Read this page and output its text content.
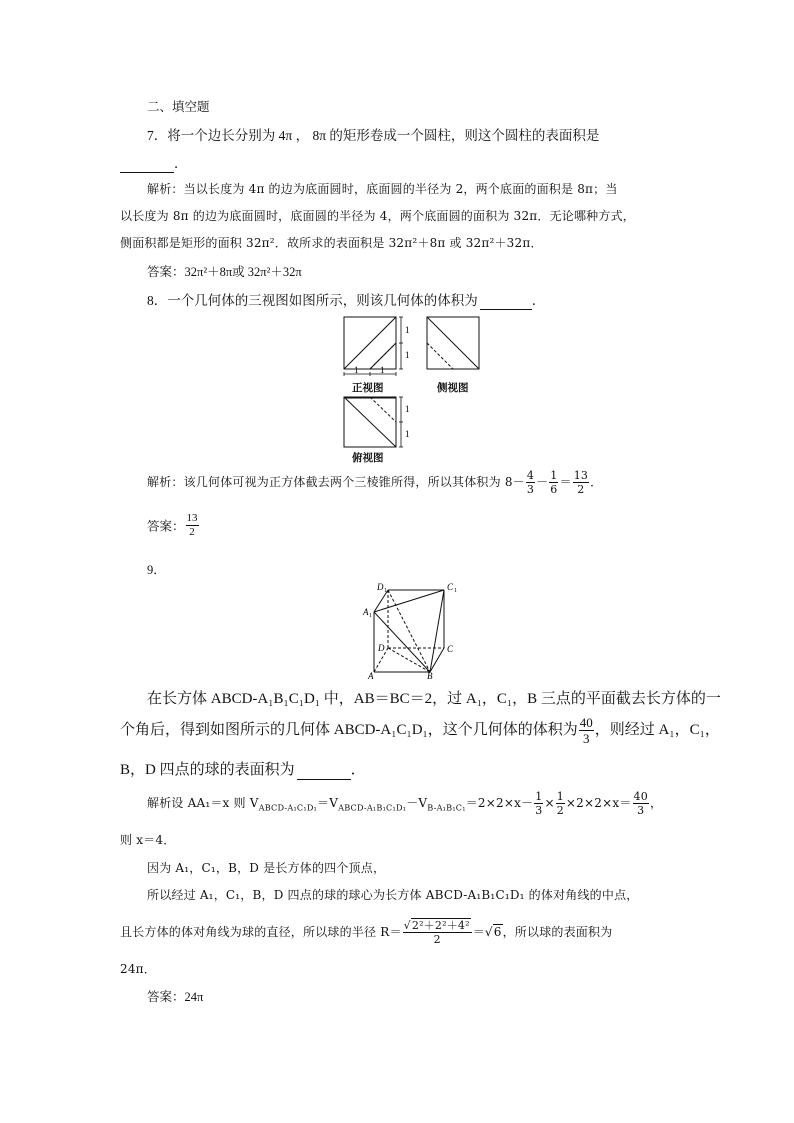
二、填空题
7．将一个边长分别为 4π ， 8π 的矩形卷成一个圆柱，则这个圆柱的表面积是
．
解析：当以长度为 4π 的边为底面圆时，底面圆的半径为 2，两个底面的面积是 8π；当
以长度为 8π 的边为底面圆时，底面圆的半径为 4，两个底面圆的面积为 32π．无论哪种方式，
侧面积都是矩形的面积 32π²．故所求的表面积是 32π²＋8π 或 32π²＋32π．
答案：32π²＋8π或 32π²＋32π
8．一个几何体的三视图如图所示，则该几何体的体积为	．
1
1
1 1
1
1
正视图	侧视图
俯视图
解析：该几何体可视为正方体截去两个三棱锥所得，所以其体积为 $8- \frac{4}{3} - \frac{1}{6} = \frac{13}{2}$ ．
答案： $\frac{13}{2}$
9．
D 1	C 1
A 1
D	C
A	B
在长方体 ABCD-A₁B₁C₁D₁ 中，AB＝BC＝2，过 A₁，C₁，B 三点的平面截去长方体的一
个角后，得到如图所示的几何体 ABCD-A₁C₁D₁，这个几何体的体积为 $\frac{40}{3}$ ，则经过 A₁，C₁，
B，D 四点的球的表面积为	．
解析设 AA₁＝x 则 $V_{ABCD-A_1C_1D_1}=V_{ABCD-A_1B_1C_1D_1}-V_{B-A_1B_1C_1}=2\times 2\times x- \frac{1}{3} \times \frac{1}{2} \times 2\times 2\times x= \frac{40}{3}$ ，
则 x＝4．
因为 A₁，C₁，B，D 是长方体的四个顶点，
所以经过 A₁，C₁，B，D 四点的球的球心为长方体 ABCD-A₁B₁C₁D₁ 的体对角线的中点，
且长方体的体对角线为球的直径，所以球的半径 $R= \frac{\text{√2²＋2²＋4²}}{2} =√6$，所以球的表面积为
24π．
答案：24π
